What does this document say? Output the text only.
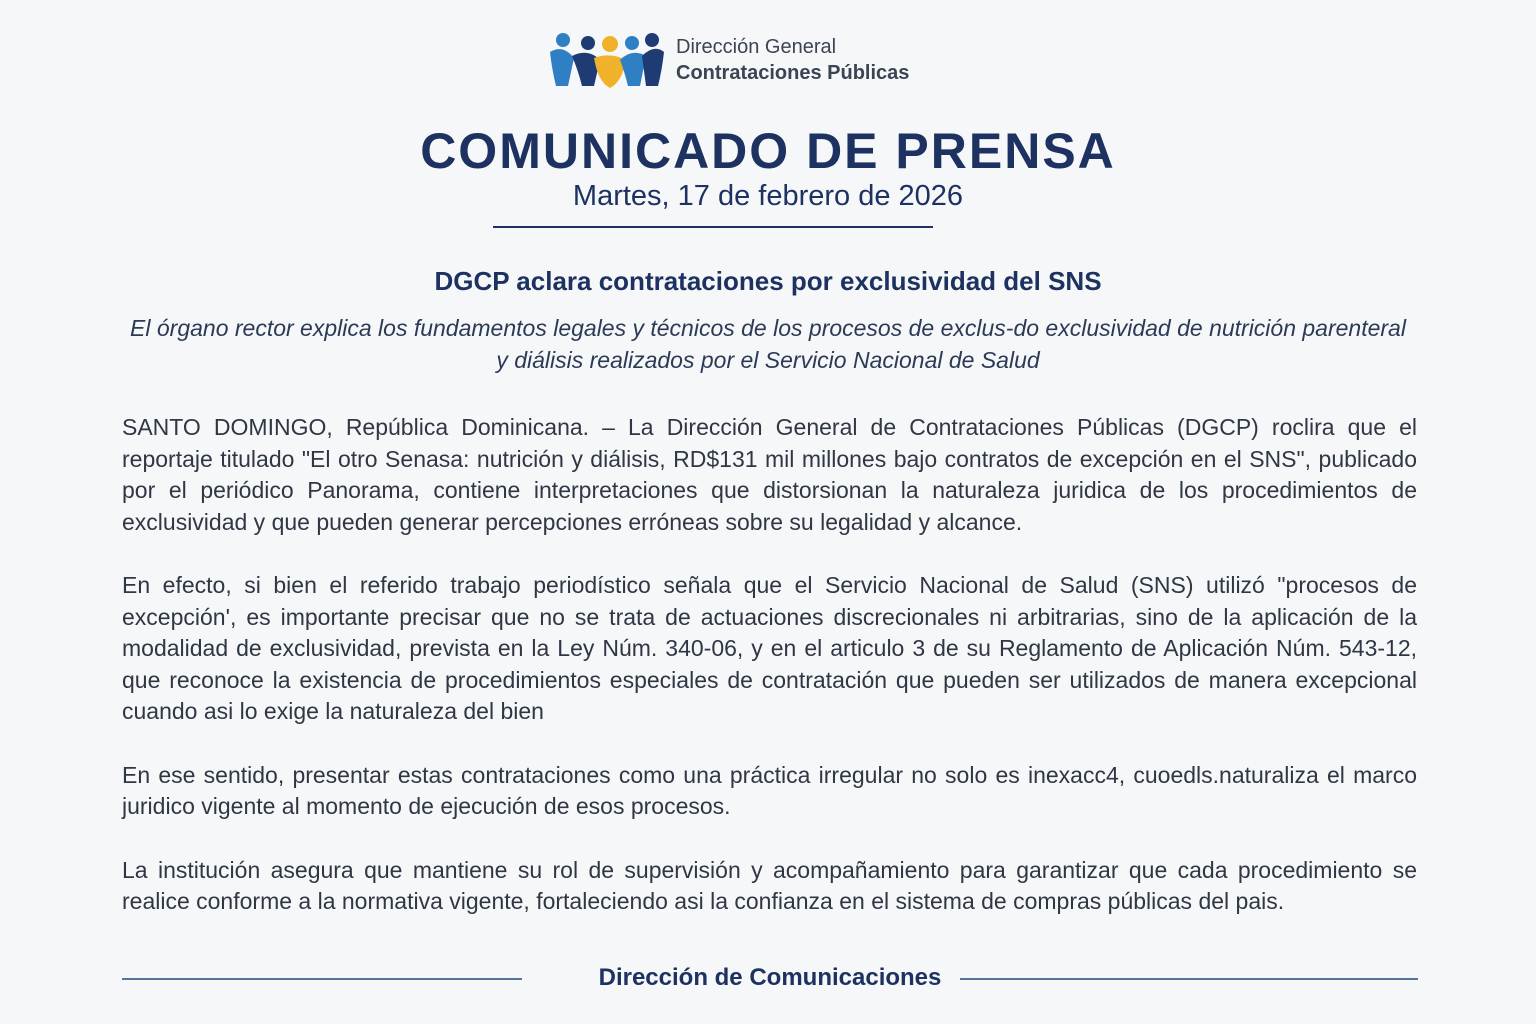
Dirección General
Contrataciones Públicas
COMUNICADO DE PRENSA
Martes, 17 de febrero de 2026
DGCP aclara contrataciones por exclusividad del SNS
El órgano rector explica los fundamentos legales y técnicos de los procesos de exclus-do exclusividad de nutrición parenteral y diálisis realizados por el Servicio Nacional de Salud

SANTO DOMINGO, República Dominicana. – La Dirección General de Contrataciones Públicas (DGCP) roclira que el reportaje titulado "El otro Senasa: nutrición y diálisis, RD$131 mil millones bajo contratos de excepción en el SNS", publicado por el periódico Panorama, contiene interpretaciones que distorsionan la naturaleza juridica de los procedimientos de exclusividad y que pueden generar percepciones erróneas sobre su legalidad y alcance.

En efecto, si bien el referido trabajo periodístico señala que el Servicio Nacional de Salud (SNS) utilizó "procesos de excepción', es importante precisar que no se trata de actuaciones discrecionales ni arbitrarias, sino de la aplicación de la modalidad de exclusividad, prevista en la Ley Núm. 340-06, y en el articulo 3 de su Reglamento de Aplicación Núm. 543-12, que reconoce la existencia de procedimientos especiales de contratación que pueden ser utilizados de manera excepcional cuando asi lo exige la naturaleza del bien

En ese sentido, presentar estas contrataciones como una práctica irregular no solo es inexacc4, cuoedls.naturaliza el marco juridico vigente al momento de ejecución de esos procesos.

La institución asegura que mantiene su rol de supervisión y acompañamiento para garantizar que cada procedimiento se realice conforme a la normativa vigente, fortaleciendo asi la confianza en el sistema de compras públicas del pais.

Dirección de Comunicaciones
